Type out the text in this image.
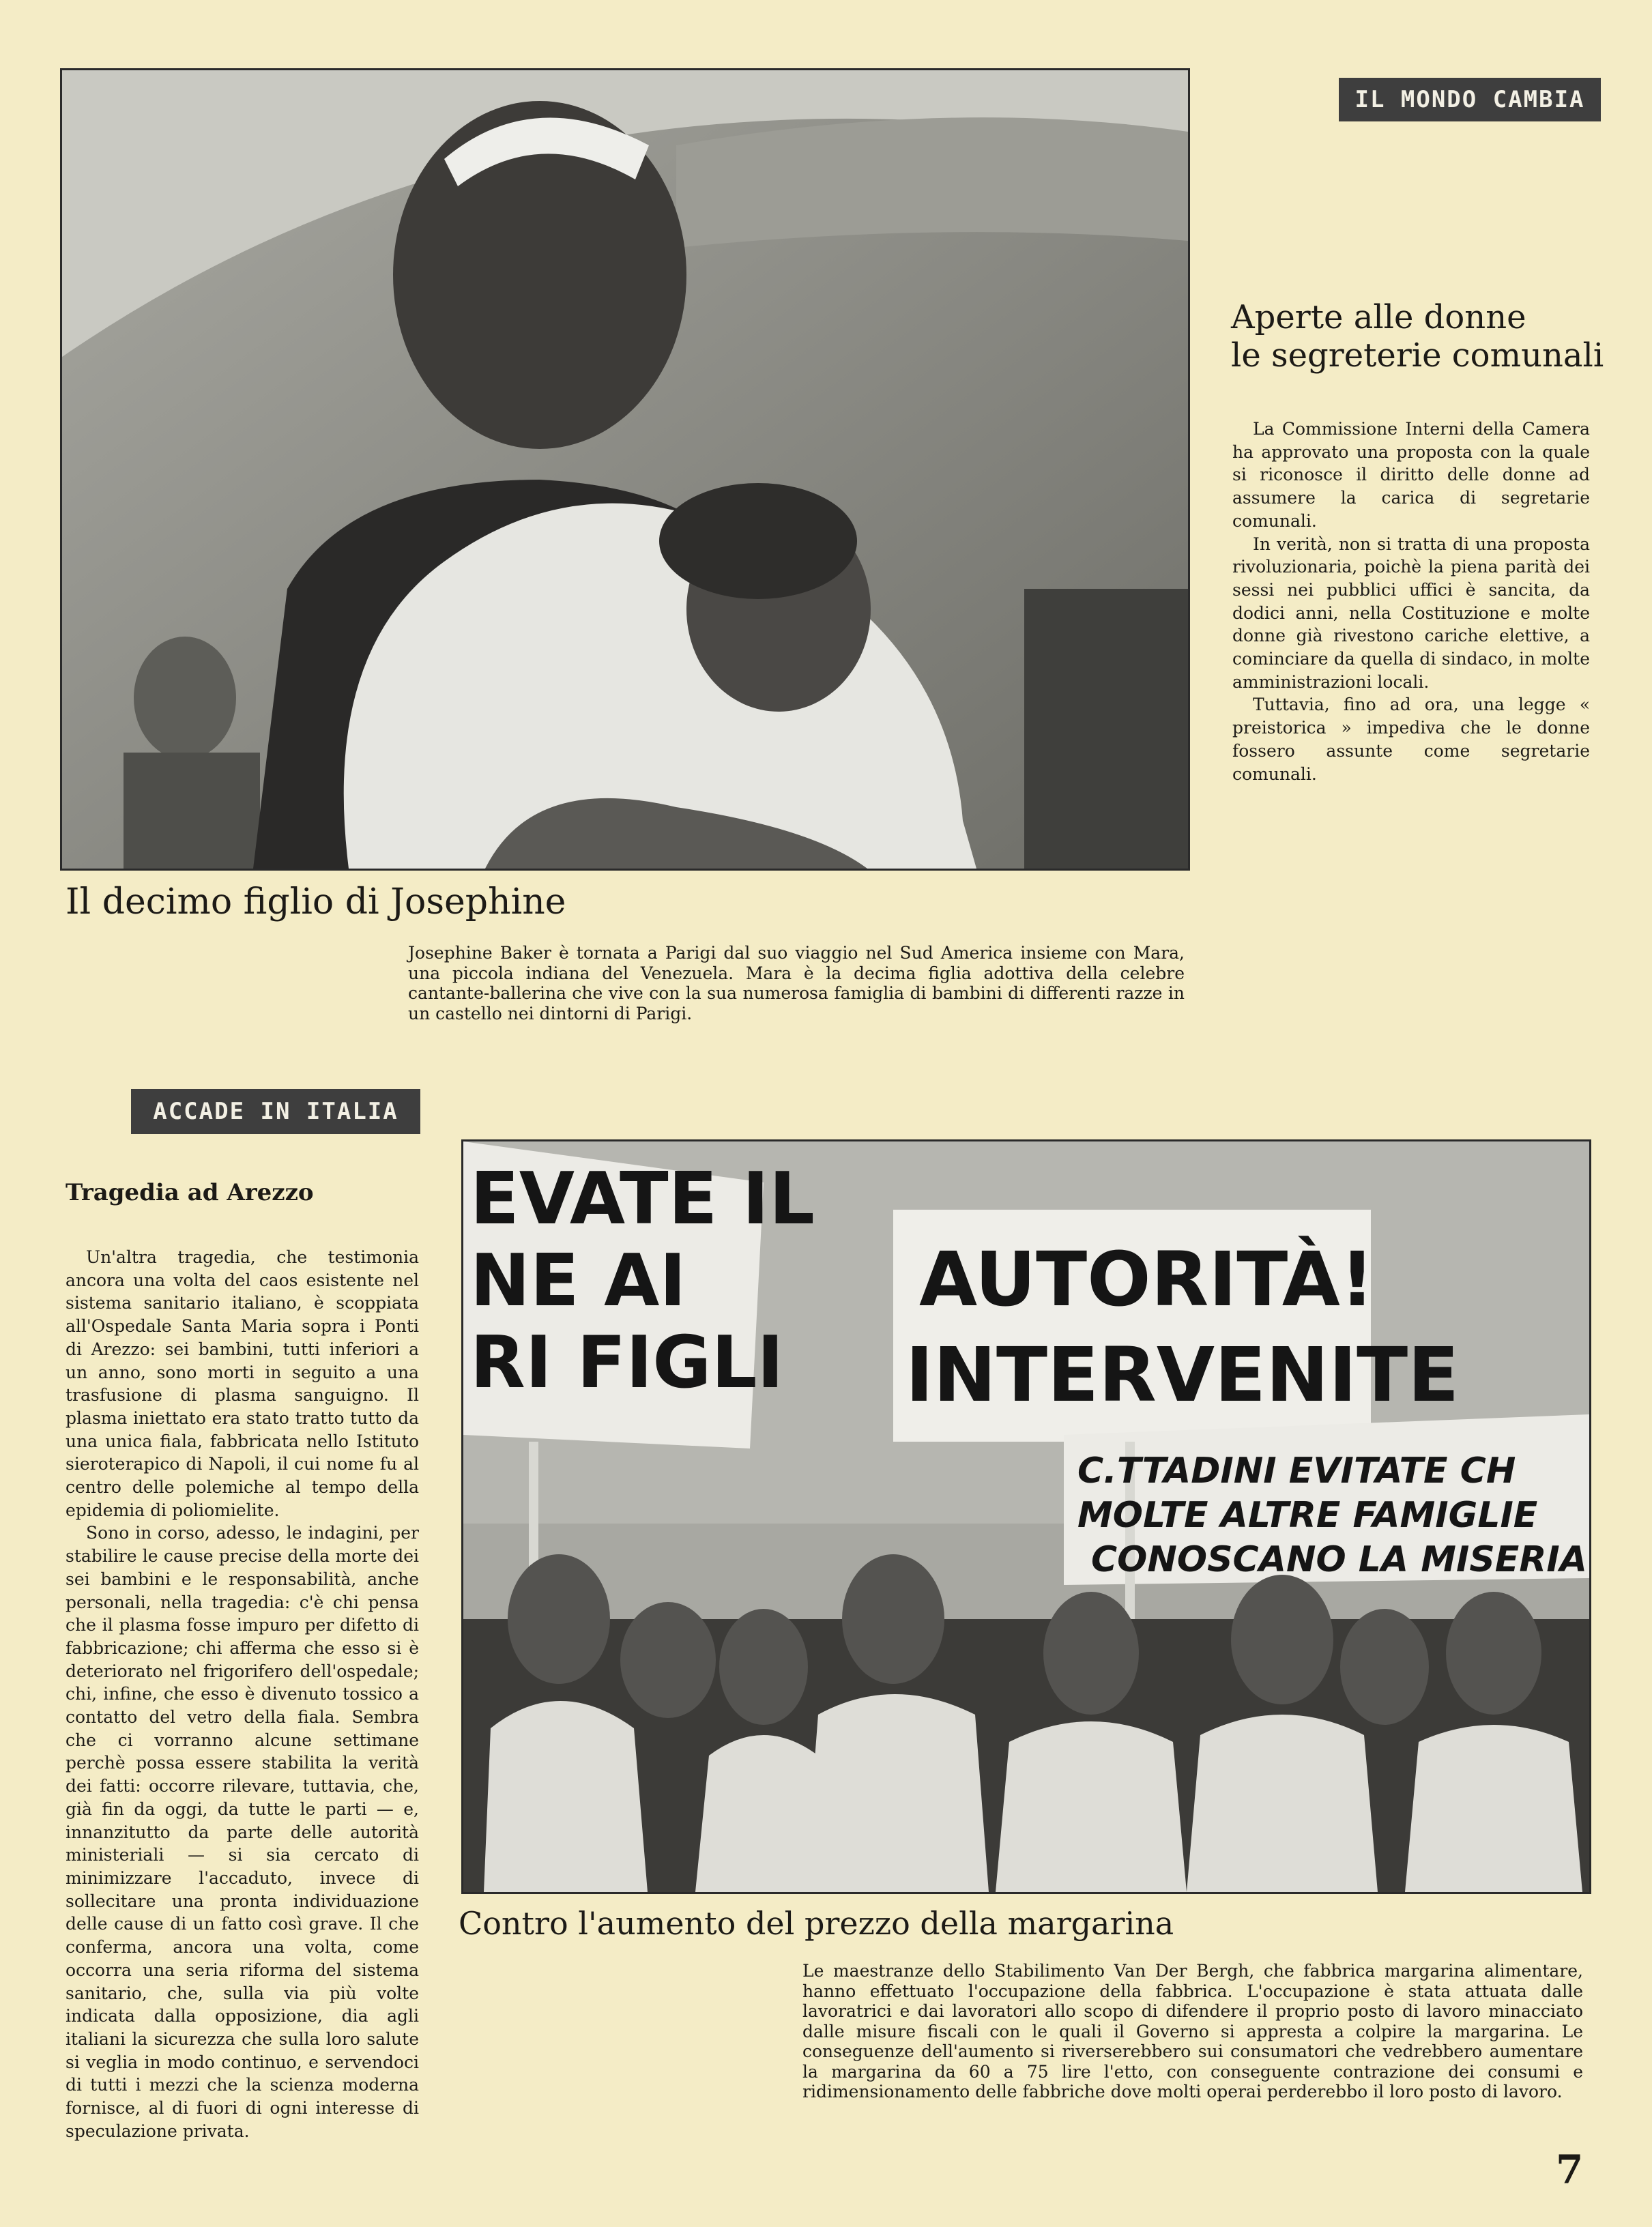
IL MONDO CAMBIA
Il decimo figlio di Josephine
Josephine Baker è tornata a Parigi dal suo viaggio nel Sud America insieme con Mara, una piccola indiana del Venezuela. Mara è la decima figlia adottiva della celebre cantante-ballerina che vive con la sua numerosa famiglia di bambini di differenti razze in un castello nei dintorni di Parigi.
Aperte alle donne
le segreterie comunali

La Commissione Interni della Camera ha approvato una proposta con la quale si riconosce il diritto delle donne ad assumere la carica di segretarie comunali.

In verità, non si tratta di una proposta rivoluzionaria, poichè la piena parità dei sessi nei pubblici uffici è sancita, da dodici anni, nella Costituzione e molte donne già rivestono cariche elettive, a cominciare da quella di sindaco, in molte amministrazioni locali.

Tuttavia, fino ad ora, una legge « preistorica » impediva che le donne fossero assunte come segretarie comunali.

ACCADE IN ITALIA
Tragedia ad Arezzo

Un'altra tragedia, che testimonia ancora una volta del caos esistente nel sistema sanitario italiano, è scoppiata all'Ospedale Santa Maria sopra i Ponti di Arezzo: sei bambini, tutti inferiori a un anno, sono morti in seguito a una trasfusione di plasma sanguigno. Il plasma iniettato era stato tratto tutto da una unica fiala, fabbricata nello Istituto sieroterapico di Napoli, il cui nome fu al centro delle polemiche al tempo della epidemia di poliomielite.

Sono in corso, adesso, le indagini, per stabilire le cause precise della morte dei sei bambini e le responsabilità, anche personali, nella tragedia: c'è chi pensa che il plasma fosse impuro per difetto di fabbricazione; chi afferma che esso si è deteriorato nel frigorifero dell'ospedale; chi, infine, che esso è divenuto tossico a contatto del vetro della fiala. Sembra che ci vorranno alcune settimane perchè possa essere stabilita la verità dei fatti: occorre rilevare, tuttavia, che, già fin da oggi, da tutte le parti — e, innanzitutto da parte delle autorità ministeriali — si sia cercato di minimizzare l'accaduto, invece di sollecitare una pronta individuazione delle cause di un fatto così grave. Il che conferma, ancora una volta, come occorra una seria riforma del sistema sanitario, che, sulla via più volte indicata dalla opposizione, dia agli italiani la sicurezza che sulla loro salute si veglia in modo continuo, e servendoci di tutti i mezzi che la scienza moderna fornisce, al di fuori di ogni interesse di speculazione privata.

EVATE IL
NE AI
RI FIGLI
AUTORITÀ!
INTERVENITE
C.TTADINI EVITATE CH
MOLTE ALTRE FAMIGLIE
CONOSCANO LA MISERIA
Contro l'aumento del prezzo della margarina
Le maestranze dello Stabilimento Van Der Bergh, che fabbrica margarina alimentare, hanno effettuato l'occupazione della fabbrica. L'occupazione è stata attuata dalle lavoratrici e dai lavoratori allo scopo di difendere il proprio posto di lavoro minacciato dalle misure fiscali con le quali il Governo si appresta a colpire la margarina. Le conseguenze dell'aumento si riverserebbero sui consumatori che vedrebbero aumentare la margarina da 60 a 75 lire l'etto, con conseguente contrazione dei consumi e ridimensionamento delle fabbriche dove molti operai perderebbo il loro posto di lavoro.
7
